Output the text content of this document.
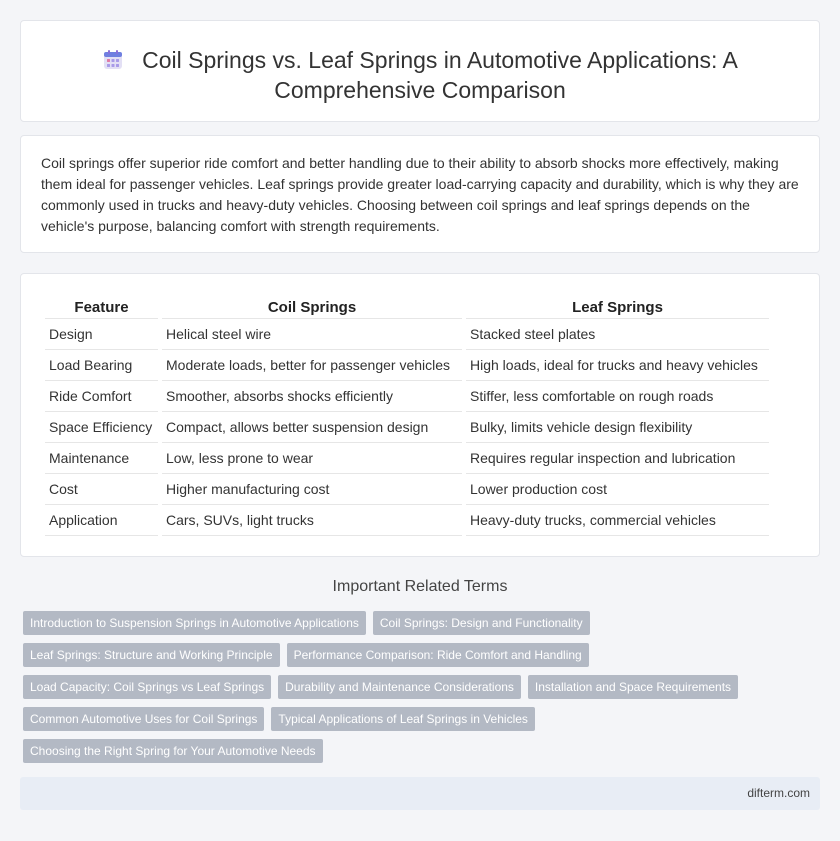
Coil Springs vs. Leaf Springs in Automotive Applications: A Comprehensive Comparison

Coil springs offer superior ride comfort and better handling due to their ability to absorb shocks more effectively, making them ideal for passenger vehicles. Leaf springs provide greater load-carrying capacity and durability, which is why they are commonly used in trucks and heavy-duty vehicles. Choosing between coil springs and leaf springs depends on the vehicle's purpose, balancing comfort with strength requirements.

Feature	Coil Springs	Leaf Springs
Design	Helical steel wire	Stacked steel plates
Load Bearing	Moderate loads, better for passenger vehicles	High loads, ideal for trucks and heavy vehicles
Ride Comfort	Smoother, absorbs shocks efficiently	Stiffer, less comfortable on rough roads
Space Efficiency	Compact, allows better suspension design	Bulky, limits vehicle design flexibility
Maintenance	Low, less prone to wear	Requires regular inspection and lubrication
Cost	Higher manufacturing cost	Lower production cost
Application	Cars, SUVs, light trucks	Heavy-duty trucks, commercial vehicles
Important Related Terms
Introduction to Suspension Springs in Automotive Applications	Coil Springs: Design and Functionality
Leaf Springs: Structure and Working Principle	Performance Comparison: Ride Comfort and Handling
Load Capacity: Coil Springs vs Leaf Springs	Durability and Maintenance Considerations	Installation and Space Requirements
Common Automotive Uses for Coil Springs	Typical Applications of Leaf Springs in Vehicles
Choosing the Right Spring for Your Automotive Needs
difterm.com
